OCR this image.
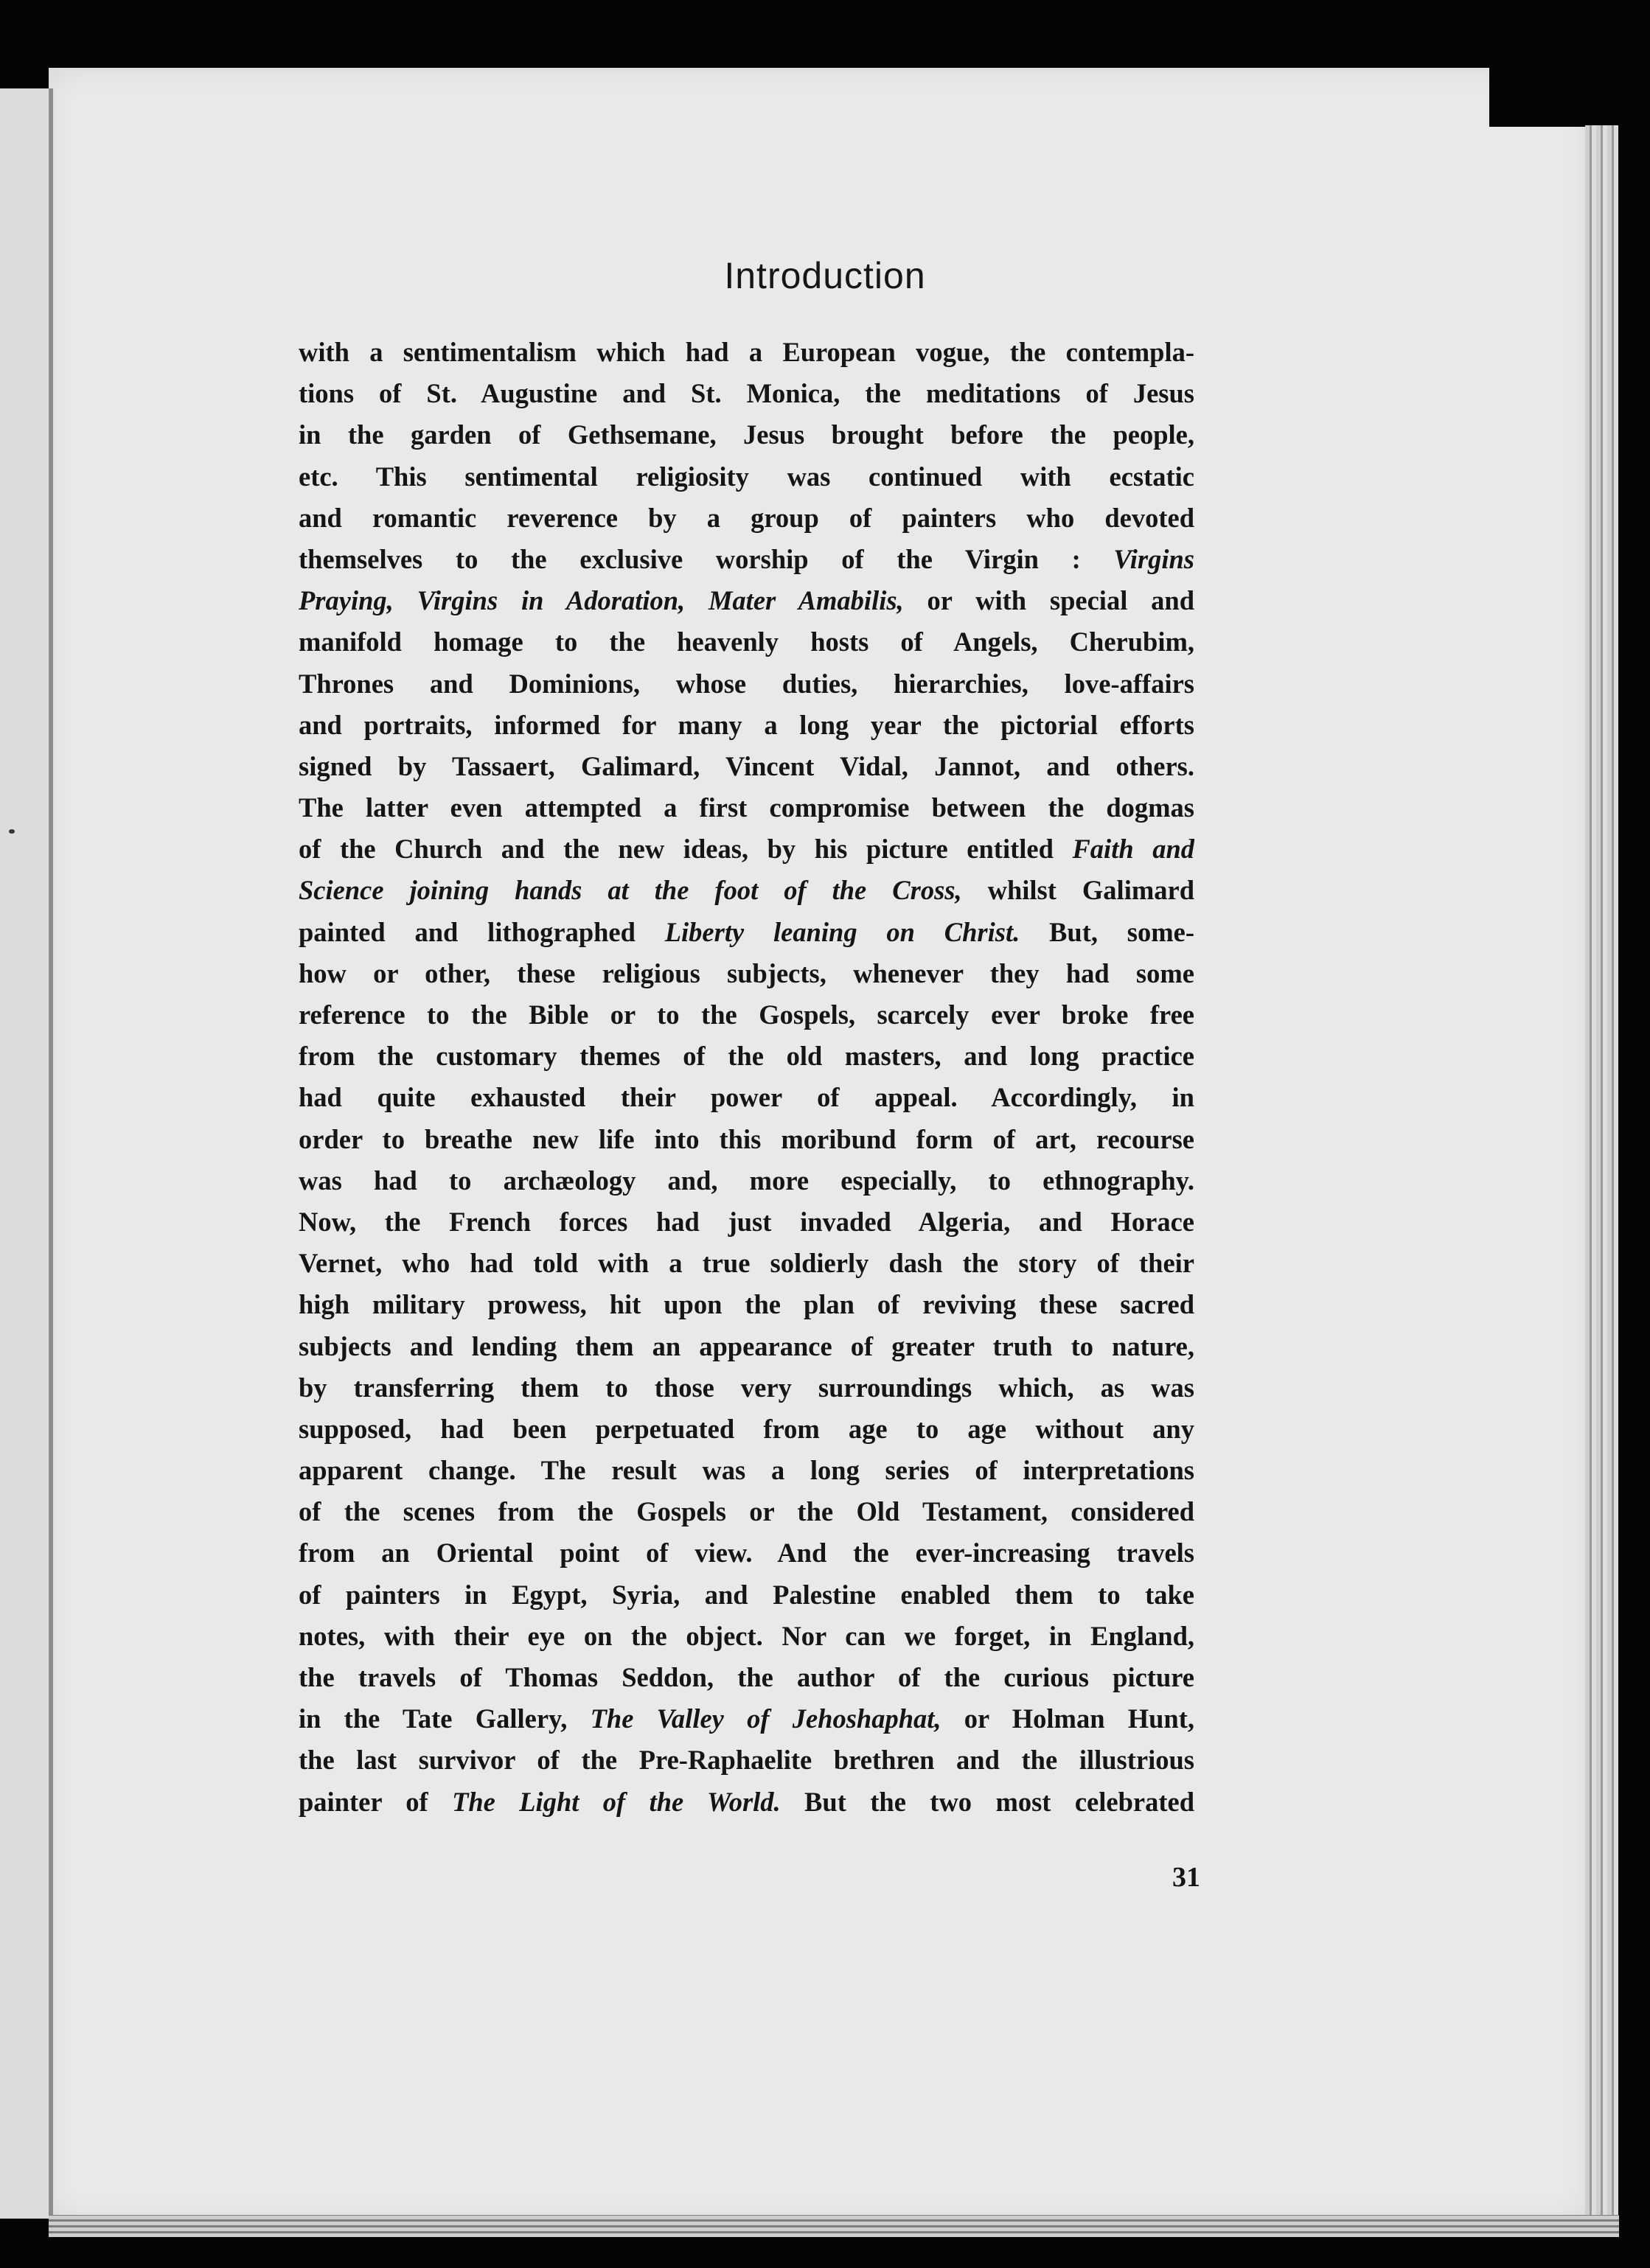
Introduction
with a sentimentalism which had a European vogue, the contempla-
tions of St. Augustine and St. Monica, the meditations of Jesus
in the garden of Gethsemane, Jesus brought before the people,
etc. This sentimental religiosity was continued with ecstatic
and romantic reverence by a group of painters who devoted
themselves to the exclusive worship of the Virgin : Virgins
Praying, Virgins in Adoration, Mater Amabilis, or with special and
manifold homage to the heavenly hosts of Angels, Cherubim,
Thrones and Dominions, whose duties, hierarchies, love-affairs
and portraits, informed for many a long year the pictorial efforts
signed by Tassaert, Galimard, Vincent Vidal, Jannot, and others.
The latter even attempted a first compromise between the dogmas
of the Church and the new ideas, by his picture entitled Faith and
Science joining hands at the foot of the Cross, whilst Galimard
painted and lithographed Liberty leaning on Christ. But, some-
how or other, these religious subjects, whenever they had some
reference to the Bible or to the Gospels, scarcely ever broke free
from the customary themes of the old masters, and long practice
had quite exhausted their power of appeal. Accordingly, in
order to breathe new life into this moribund form of art, recourse
was had to archæology and, more especially, to ethnography.
Now, the French forces had just invaded Algeria, and Horace
Vernet, who had told with a true soldierly dash the story of their
high military prowess, hit upon the plan of reviving these sacred
subjects and lending them an appearance of greater truth to nature,
by transferring them to those very surroundings which, as was
supposed, had been perpetuated from age to age without any
apparent change. The result was a long series of interpretations
of the scenes from the Gospels or the Old Testament, considered
from an Oriental point of view. And the ever-increasing travels
of painters in Egypt, Syria, and Palestine enabled them to take
notes, with their eye on the object. Nor can we forget, in England,
the travels of Thomas Seddon, the author of the curious picture
in the Tate Gallery, The Valley of Jehoshaphat, or Holman Hunt,
the last survivor of the Pre-Raphaelite brethren and the illustrious
painter of The Light of the World. But the two most celebrated
31
